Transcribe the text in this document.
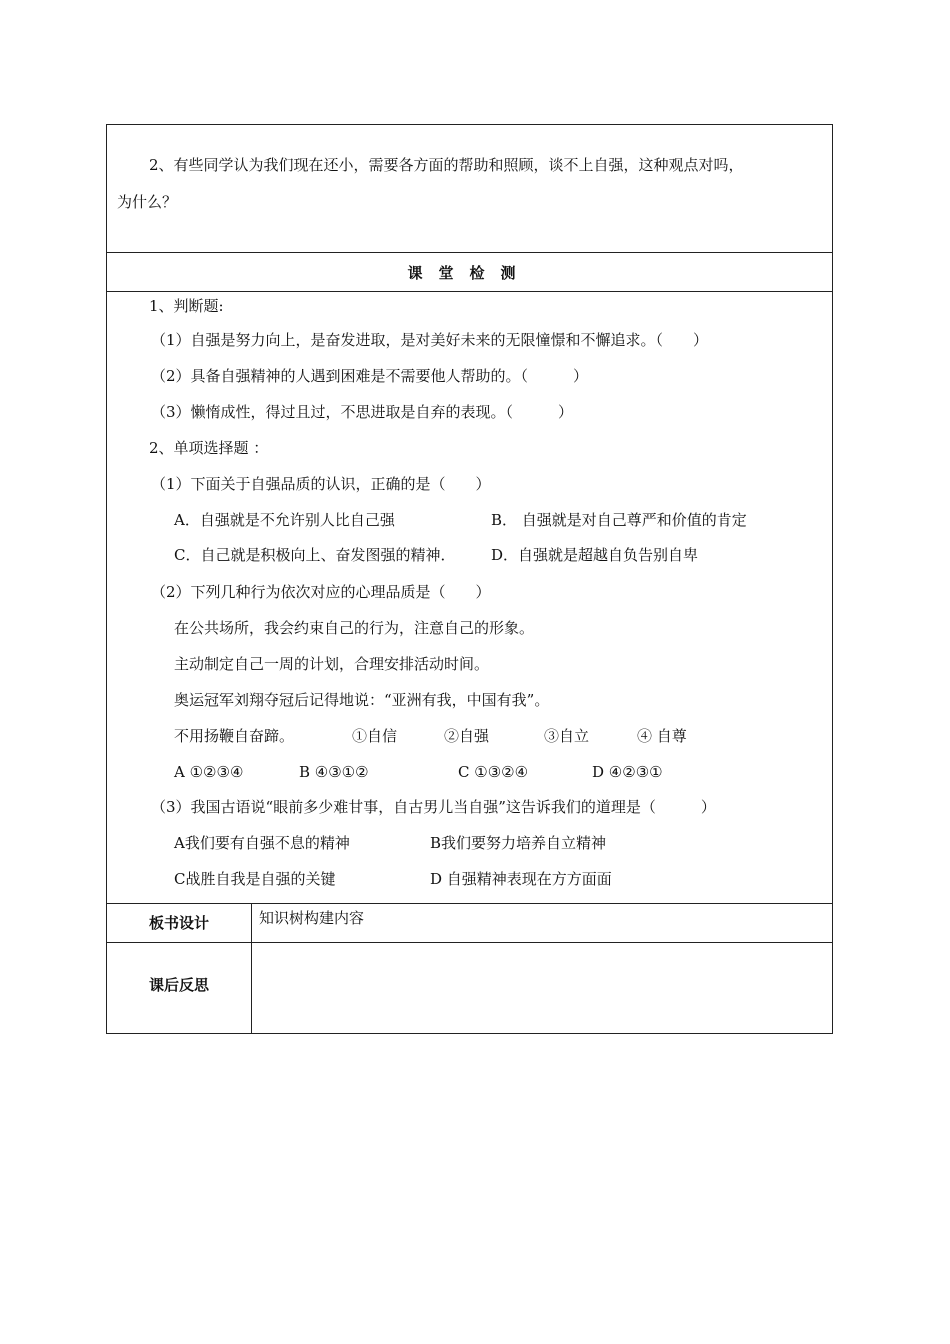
2、有些同学认为我们现在还小，需要各方面的帮助和照顾，谈不上自强，这种观点对吗，
为什么？
课堂检测
1、判断题:
（1）自强是努力向上，是奋发进取，是对美好未来的无限憧憬和不懈追求。（　　）
（2）具备自强精神的人遇到困难是不需要他人帮助的。（　　　）
（3）懒惰成性，得过且过，不思进取是自弃的表现。（　　　）
2、单项选择题 ：
（1）下面关于自强品质的认识，正确的是（　　）
A．自强就是不允许别人比自己强	B． 自强就是对自己尊严和价值的肯定
C．自己就是积极向上、奋发图强的精神． D．自强就是超越自负告别自卑
（2）下列几种行为依次对应的心理品质是（　　）
在公共场所，我会约束自己的行为，注意自己的形象。
主动制定自己一周的计划，合理安排活动时间。
奥运冠军刘翔夺冠后记得地说：“亚洲有我，中国有我”。
不用扬鞭自奋蹄。	①自信	②自强	③自立	④ 自尊
A ①②③④	B ④③①②	C ①③②④	D ④②③①
（3）我国古语说“眼前多少难甘事，自古男儿当自强”这告诉我们的道理是（　　　）
A我们要有自强不息的精神	B我们要努力培养自立精神
C战胜自我是自强的关键	D 自强精神表现在方方面面
板书设计	知识树构建内容
课后反思
